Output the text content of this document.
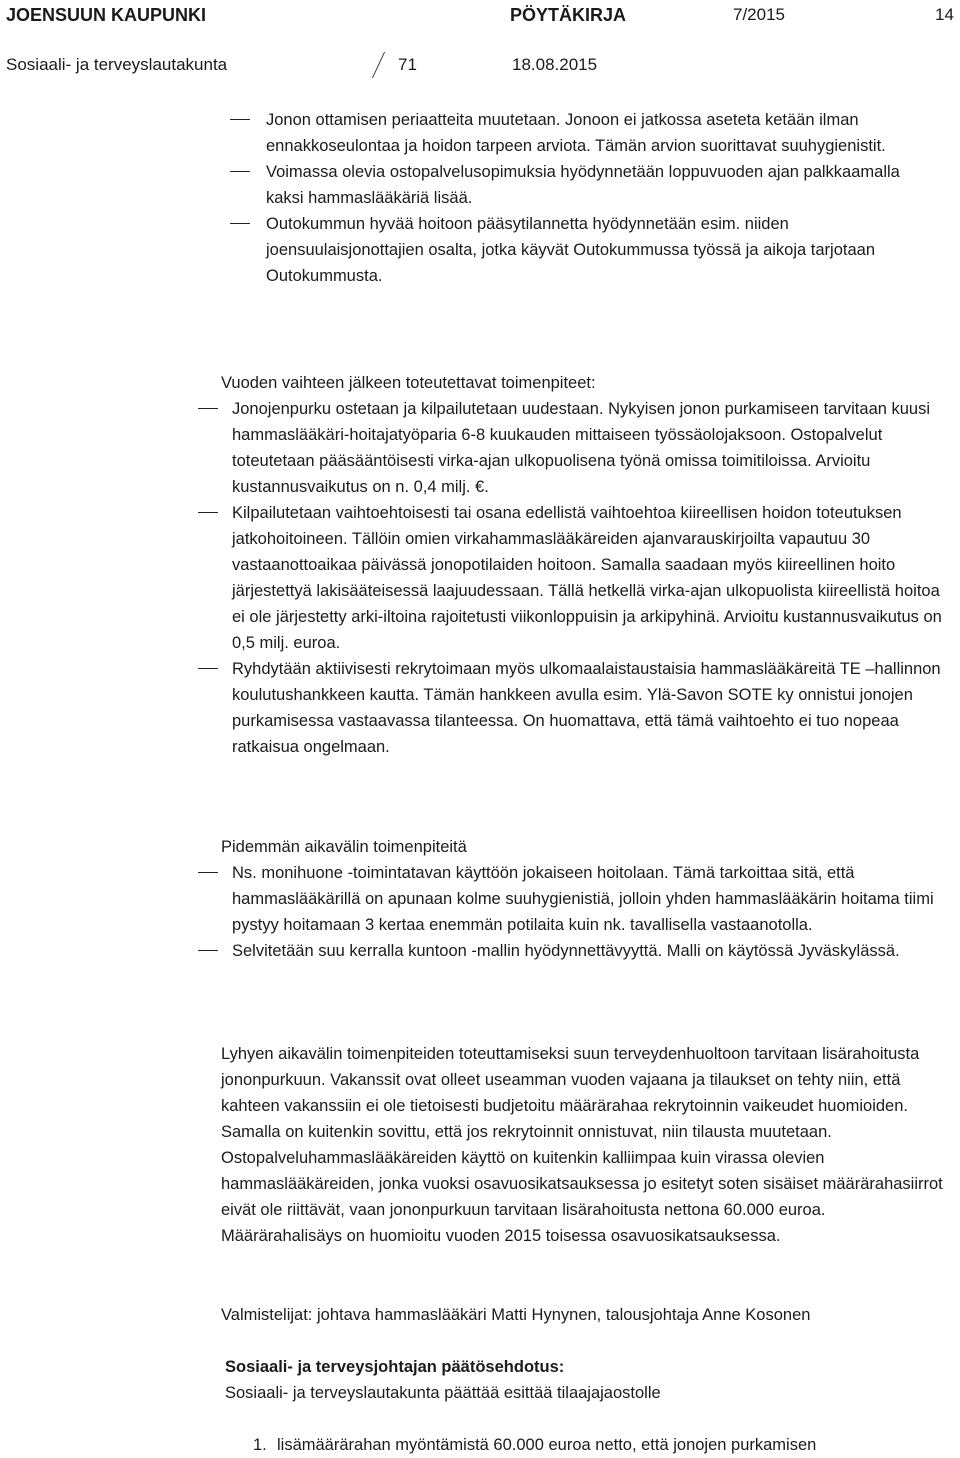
JOENSUUN KAUPUNKI	PÖYTÄKIRJA	7/2015	14
Sosiaali- ja terveyslautakunta	71	18.08.2015
Jonon ottamisen periaatteita muutetaan. Jonoon ei jatkossa aseteta ketään ilman ennakkoseulontaa ja hoidon tarpeen arviota. Tämän arvion suorittavat suuhygienistit.
Voimassa olevia ostopalvelusopimuksia hyödynnetään loppuvuoden ajan palkkaamalla kaksi hammaslääkäriä lisää.
Outokummun hyvää hoitoon pääsytilannetta hyödynnetään esim. niiden joensuulaisjonottajien osalta, jotka käyvät Outokummussa työssä ja aikoja tarjotaan Outokummusta.

Vuoden vaihteen jälkeen toteutettavat toimenpiteet:

Jonojenpurku ostetaan ja kilpailutetaan uudestaan. Nykyisen jonon purkamiseen tarvitaan kuusi hammaslääkäri-hoitajatyöparia 6-8 kuukauden mittaiseen työssäolojaksoon. Ostopalvelut toteutetaan pääsääntöisesti virka-ajan ulkopuolisena työnä omissa toimitiloissa. Arvioitu kustannusvaikutus on n. 0,4 milj. €.
Kilpailutetaan vaihtoehtoisesti tai osana edellistä vaihtoehtoa kiireellisen hoidon toteutuksen jatkohoitoineen. Tällöin omien virkahammaslääkäreiden ajanvarauskirjoilta vapautuu 30 vastaanottoaikaa päivässä jonopotilaiden hoitoon. Samalla saadaan myös kiireellinen hoito järjestettyä lakisääteisessä laajuudessaan. Tällä hetkellä virka-ajan ulkopuolista kiireellistä hoitoa ei ole järjestetty arki-iltoina rajoitetusti viikonloppuisin ja arkipyhinä. Arvioitu kustannusvaikutus on 0,5 milj. euroa.
Ryhdytään aktiivisesti rekrytoimaan myös ulkomaalaistaustaisia hammaslääkäreitä TE –hallinnon koulutushankkeen kautta. Tämän hankkeen avulla esim. Ylä-Savon SOTE ky onnistui jonojen purkamisessa vastaavassa tilanteessa. On huomattava, että tämä vaihtoehto ei tuo nopeaa ratkaisua ongelmaan.

Pidemmän aikavälin toimenpiteitä

Ns. monihuone -toimintatavan käyttöön jokaiseen hoitolaan. Tämä tarkoittaa sitä, että hammaslääkärillä on apunaan kolme suuhygienistiä, jolloin yhden hammaslääkärin hoitama tiimi pystyy hoitamaan 3 kertaa enemmän potilaita kuin nk. tavallisella vastaanotolla.
Selvitetään suu kerralla kuntoon -mallin hyödynnettävyyttä. Malli on käytössä Jyväskylässä.

Lyhyen aikavälin toimenpiteiden toteuttamiseksi suun terveydenhuoltoon tarvitaan lisärahoitusta jononpurkuun. Vakanssit ovat olleet useamman vuoden vajaana ja tilaukset on tehty niin, että kahteen vakanssiin ei ole tietoisesti budjetoitu määrärahaa rekrytoinnin vaikeudet huomioiden. Samalla on kuitenkin sovittu, että jos rekrytoinnit onnistuvat, niin tilausta muutetaan. Ostopalveluhammaslääkäreiden käyttö on kuitenkin kalliimpaa kuin virassa olevien hammaslääkäreiden, jonka vuoksi osavuosikatsauksessa jo esitetyt soten sisäiset määrärahasiirrot eivät ole riittävät, vaan jononpurkuun tarvitaan lisärahoitusta nettona 60.000 euroa. Määrärahalisäys on huomioitu vuoden 2015 toisessa osavuosikatsauksessa.

Valmistelijat: johtava hammaslääkäri Matti Hynynen, talousjohtaja Anne Kosonen

Sosiaali- ja terveysjohtajan päätösehdotus:
Sosiaali- ja terveyslautakunta päättää esittää tilaajajaostolle
1. lisämäärärahan myöntämistä 60.000 euroa netto, että jonojen purkamisen
